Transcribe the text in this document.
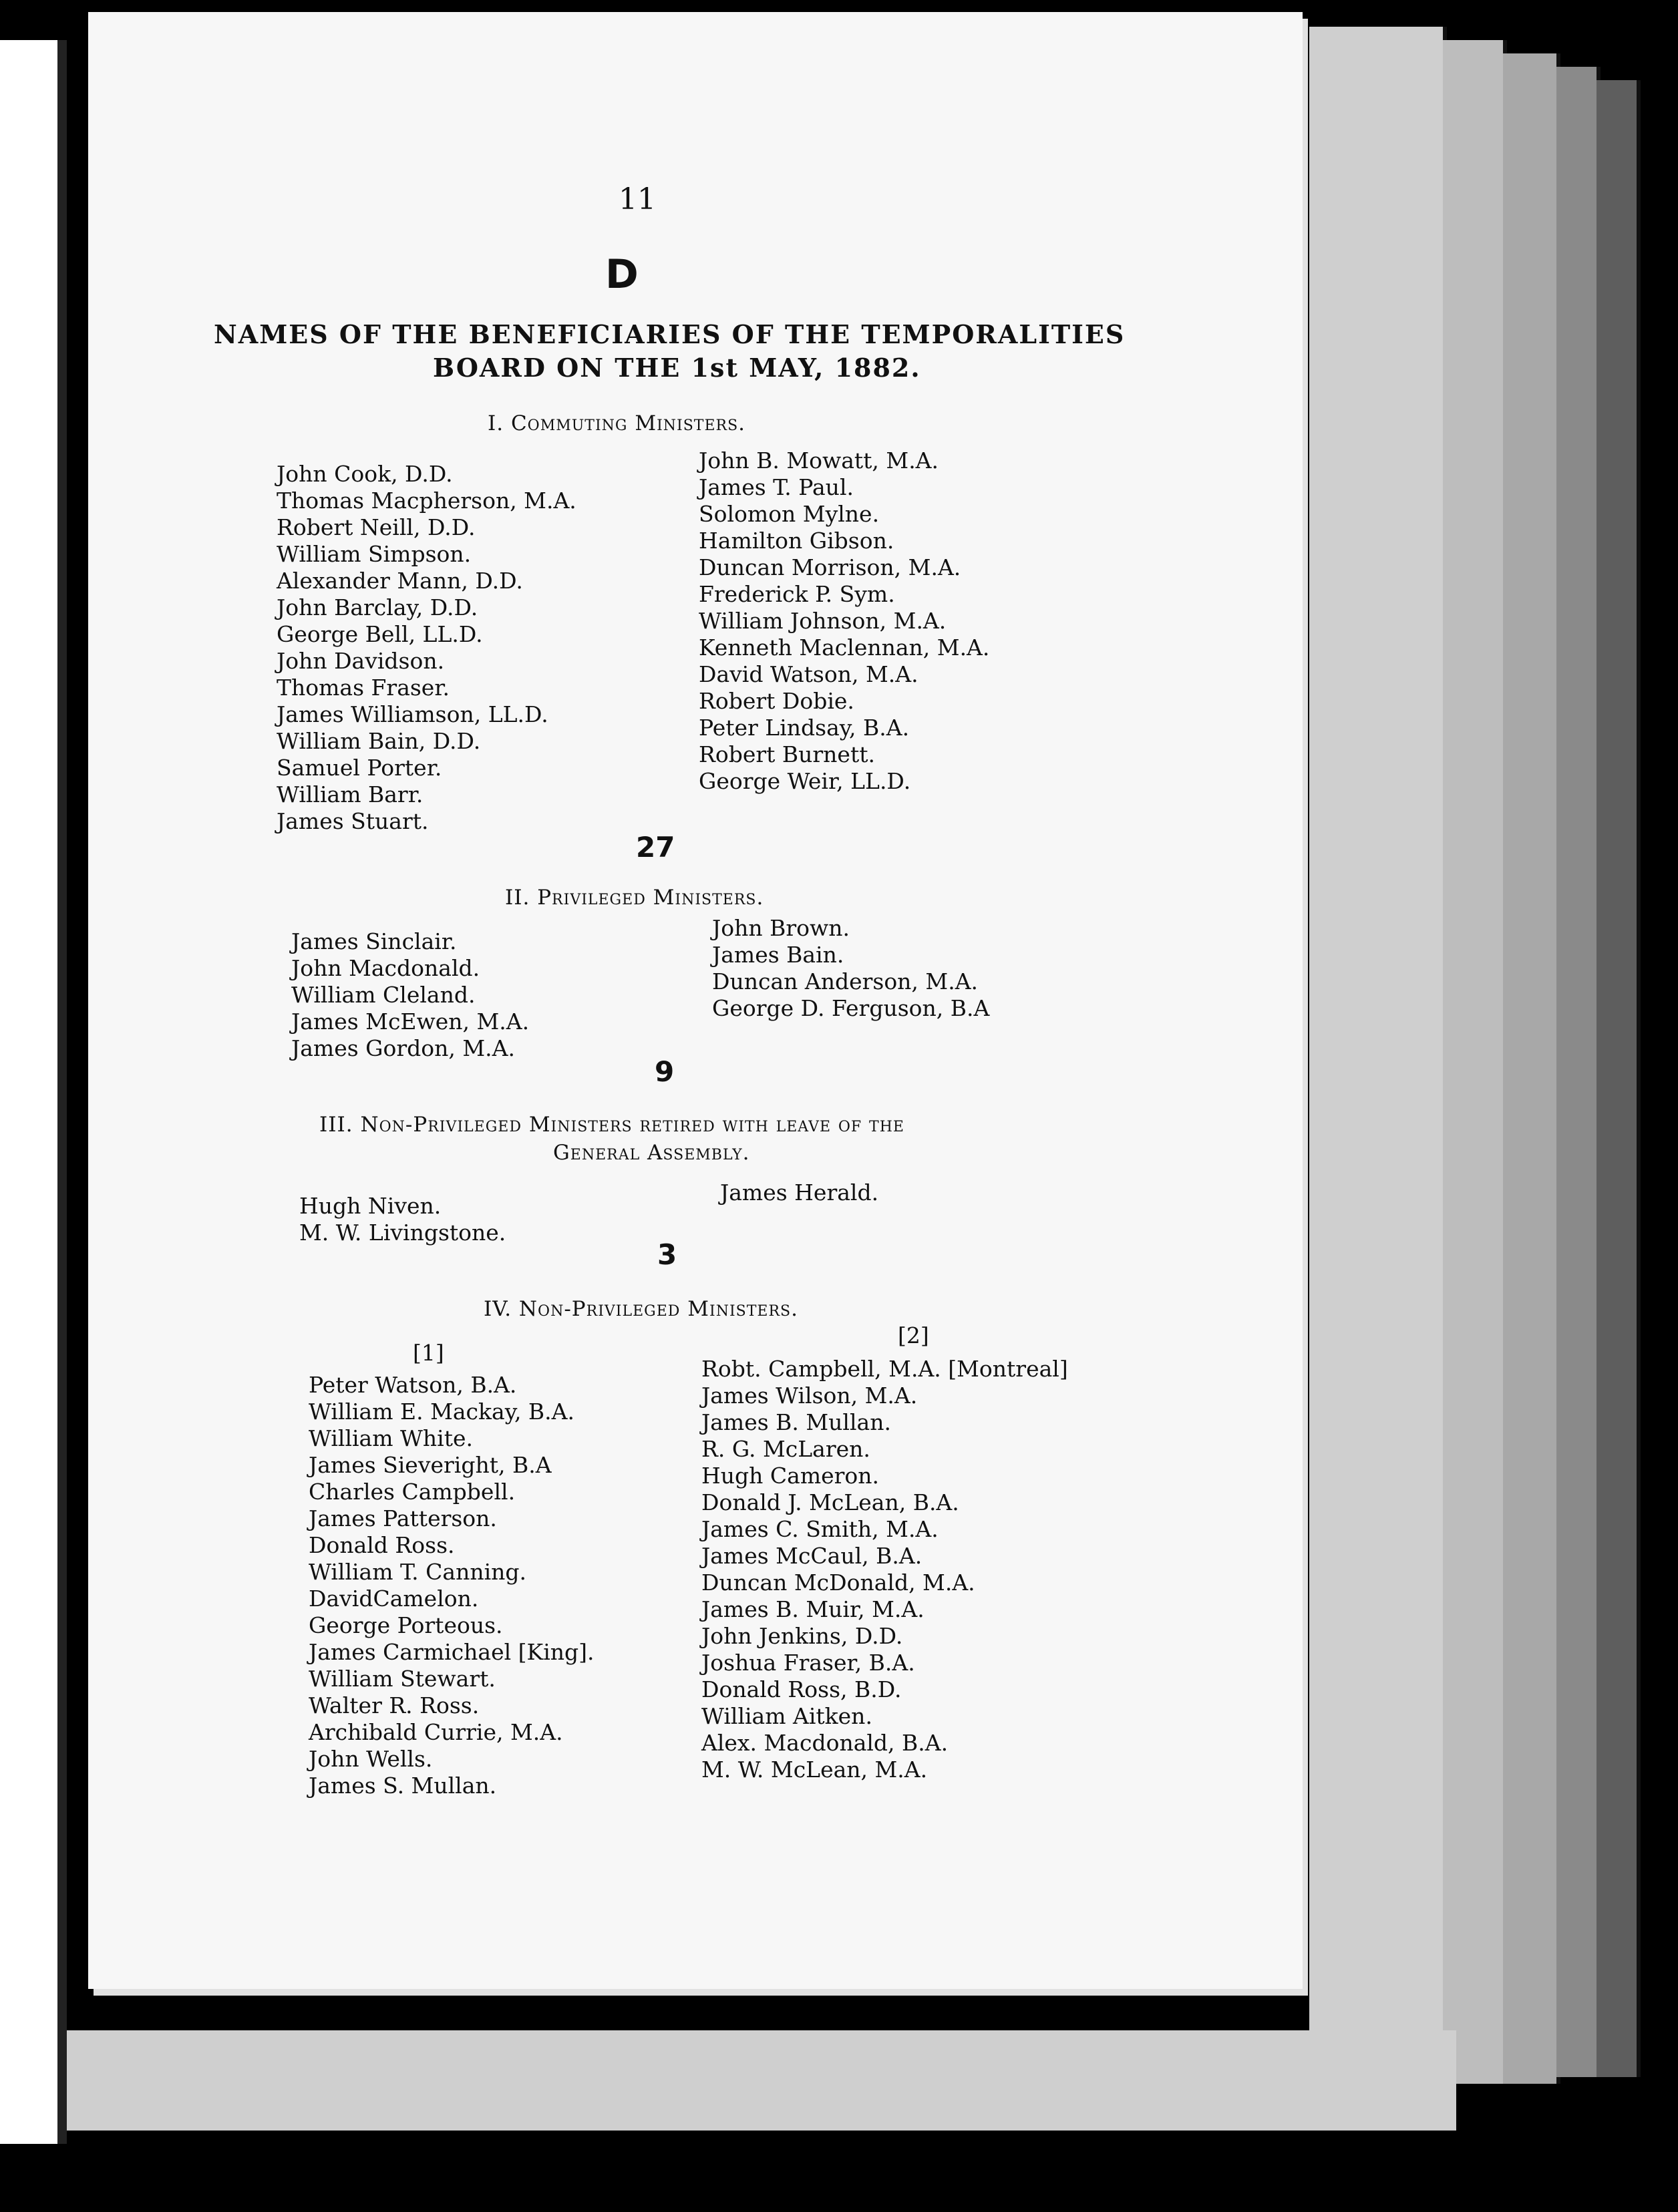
11
D
NAMES OF THE BENEFICIARIES OF THE TEMPORALITIES
BOARD ON THE 1st MAY, 1882.
I. Commuting Ministers.
John Cook, D.D.
Thomas Macpherson, M.A.
Robert Neill, D.D.
William Simpson.
Alexander Mann, D.D.
John Barclay, D.D.
George Bell, LL.D.
John Davidson.
Thomas Fraser.
James Williamson, LL.D.
William Bain, D.D.
Samuel Porter.
William Barr.
James Stuart.
John B. Mowatt, M.A.
James T. Paul.
Solomon Mylne.
Hamilton Gibson.
Duncan Morrison, M.A.
Frederick P. Sym.
William Johnson, M.A.
Kenneth Maclennan, M.A.
David Watson, M.A.
Robert Dobie.
Peter Lindsay, B.A.
Robert Burnett.
George Weir, LL.D.
27
II. Privileged Ministers.
James Sinclair.
John Macdonald.
William Cleland.
James McEwen, M.A.
James Gordon, M.A.
John Brown.
James Bain.
Duncan Anderson, M.A.
George D. Ferguson, B.A
9
III. Non-Privileged Ministers retired with leave of the
General Assembly.
Hugh Niven.
M. W. Livingstone.
James Herald.
3
IV. Non-Privileged Ministers.
[1]
[2]
Peter Watson, B.A.
William E. Mackay, B.A.
William White.
James Sieveright, B.A
Charles Campbell.
James Patterson.
Donald Ross.
William T. Canning.
DavidCamelon.
George Porteous.
James Carmichael [King].
William Stewart.
Walter R. Ross.
Archibald Currie, M.A.
John Wells.
James S. Mullan.
Robt. Campbell, M.A. [Montreal]
James Wilson, M.A.
James B. Mullan.
R. G. McLaren.
Hugh Cameron.
Donald J. McLean, B.A.
James C. Smith, M.A.
James McCaul, B.A.
Duncan McDonald, M.A.
James B. Muir, M.A.
John Jenkins, D.D.
Joshua Fraser, B.A.
Donald Ross, B.D.
William Aitken.
Alex. Macdonald, B.A.
M. W. McLean, M.A.
